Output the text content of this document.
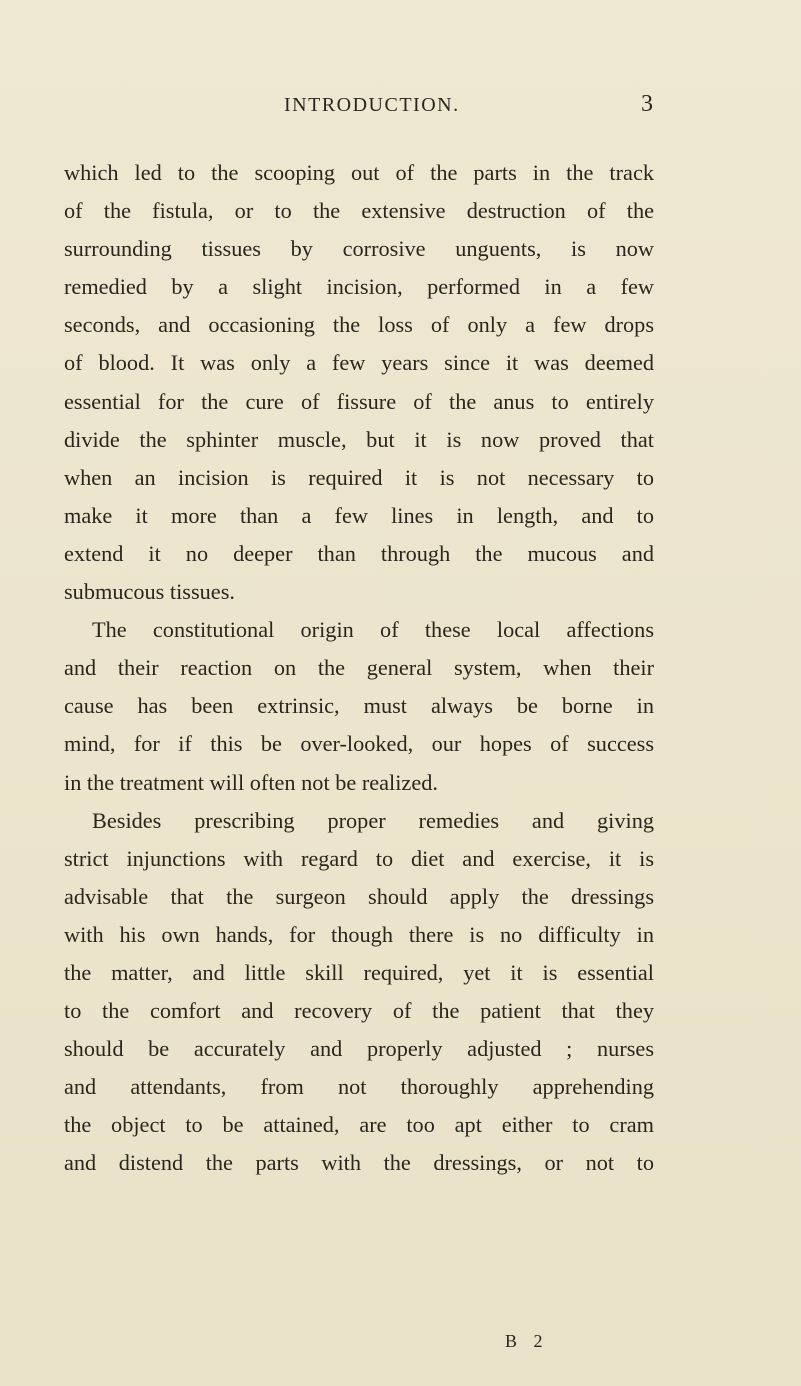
INTRODUCTION.	3
which led to the scooping out of the parts in the track
of the fistula, or to the extensive destruction of the
surrounding tissues by corrosive unguents, is now
remedied by a slight incision, performed in a few
seconds, and occasioning the loss of only a few drops
of blood. It was only a few years since it was deemed
essential for the cure of fissure of the anus to entirely
divide the sphinter muscle, but it is now proved that
when an incision is required it is not necessary to
make it more than a few lines in length, and to
extend it no deeper than through the mucous and
submucous tissues.
The constitutional origin of these local affections
and their reaction on the general system, when their
cause has been extrinsic, must always be borne in
mind, for if this be over-looked, our hopes of success
in the treatment will often not be realized.
Besides prescribing proper remedies and giving
strict injunctions with regard to diet and exercise, it is
advisable that the surgeon should apply the dressings
with his own hands, for though there is no difficulty in
the matter, and little skill required, yet it is essential
to the comfort and recovery of the patient that they
should be accurately and properly adjusted ; nurses
and attendants, from not thoroughly apprehending
the object to be attained, are too apt either to cram
and distend the parts with the dressings, or not to
B 2
